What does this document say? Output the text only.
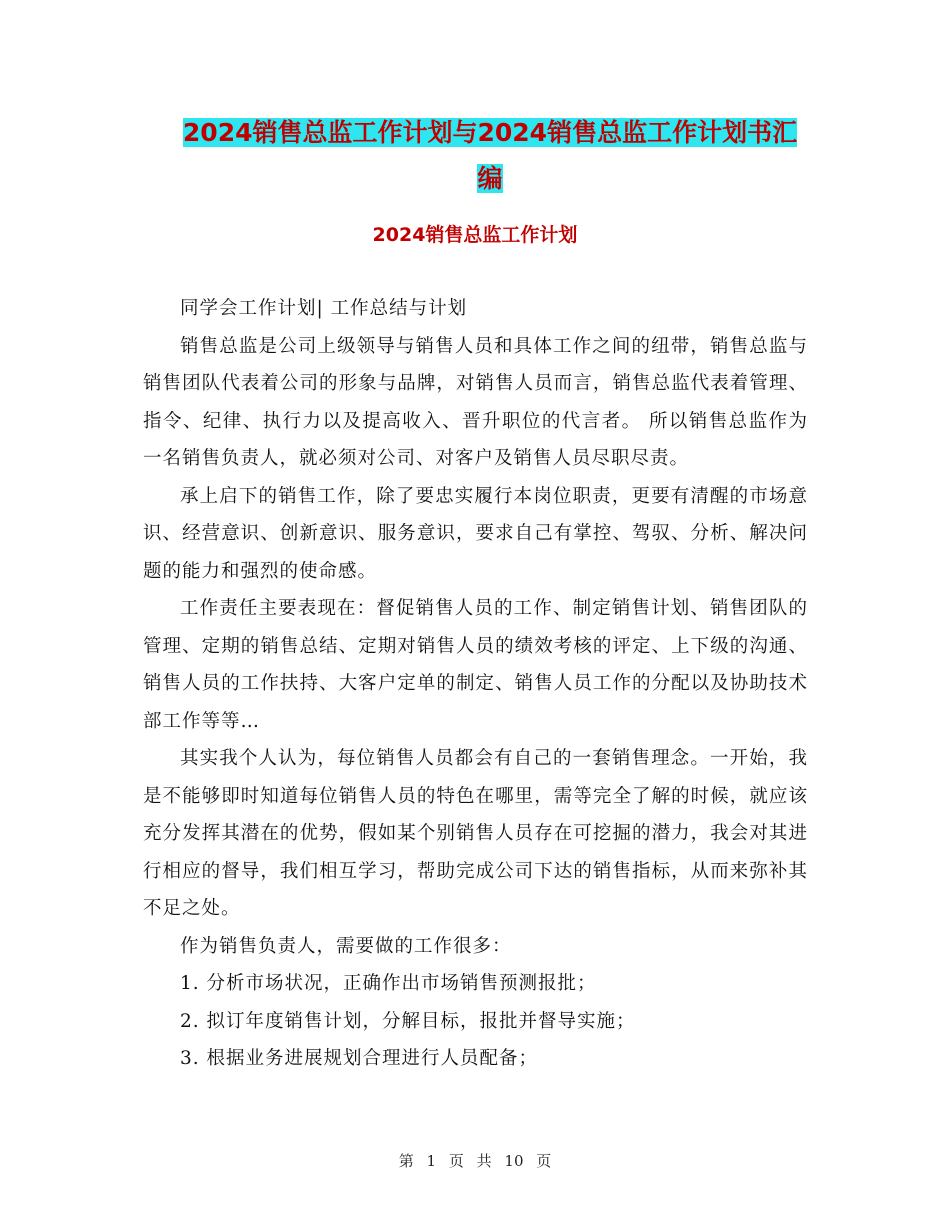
2024销售总监工作计划与2024销售总监工作计划书汇
编
2024销售总监工作计划

同学会工作计划| 工作总结与计划

销售总监是公司上级领导与销售人员和具体工作之间的纽带，销售总监与销售团队代表着公司的形象与品牌，对销售人员而言，销售总监代表着管理、指令、纪律、执行力以及提高收入、晋升职位的代言者。 所以销售总监作为一名销售负责人，就必须对公司、对客户及销售人员尽职尽责。

承上启下的销售工作，除了要忠实履行本岗位职责，更要有清醒的市场意识、经营意识、创新意识、服务意识，要求自己有掌控、驾驭、分析、解决问题的能力和强烈的使命感。

工作责任主要表现在：督促销售人员的工作、制定销售计划、销售团队的管理、定期的销售总结、定期对销售人员的绩效考核的评定、上下级的沟通、销售人员的工作扶持、大客户定单的制定、销售人员工作的分配以及协助技术部工作等等…

其实我个人认为，每位销售人员都会有自己的一套销售理念。一开始，我是不能够即时知道每位销售人员的特色在哪里，需等完全了解的时候，就应该充分发挥其潜在的优势，假如某个别销售人员存在可挖掘的潜力，我会对其进行相应的督导，我们相互学习，帮助完成公司下达的销售指标，从而来弥补其不足之处。

作为销售负责人，需要做的工作很多：

1. 分析市场状况，正确作出市场销售预测报批；

2. 拟订年度销售计划，分解目标，报批并督导实施；

3. 根据业务进展规划合理进行人员配备；

第 1 页 共 10 页
